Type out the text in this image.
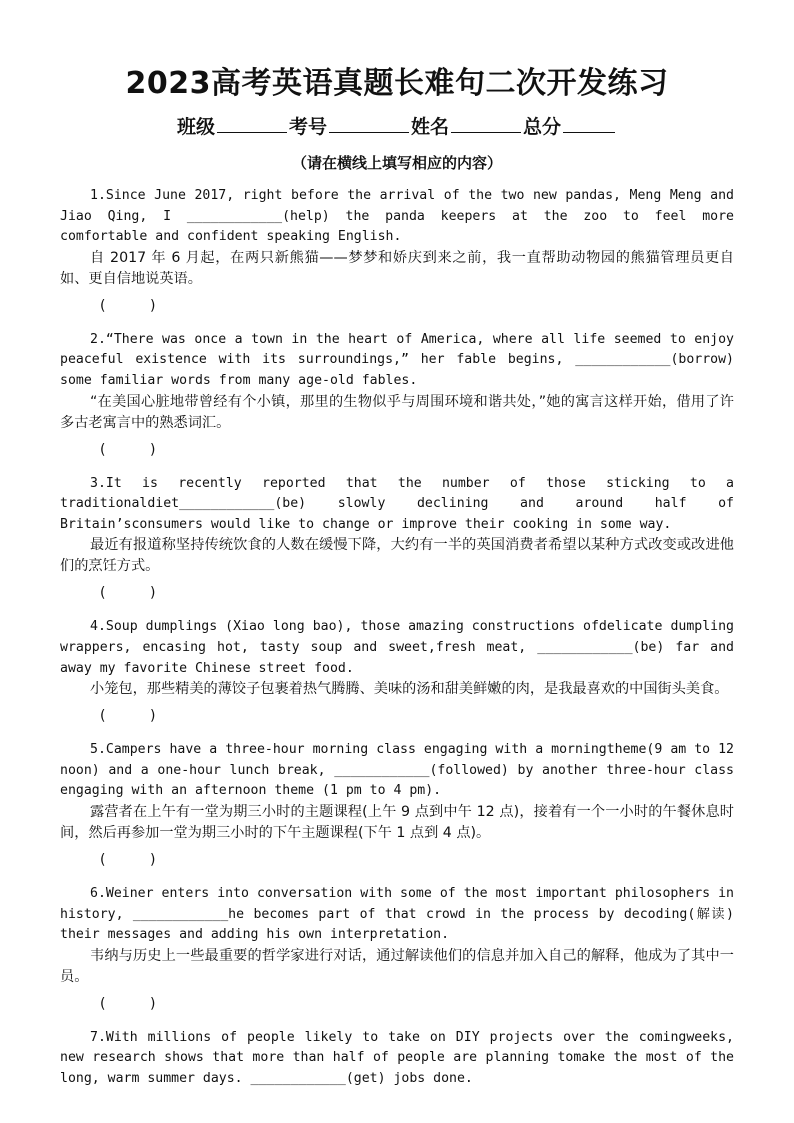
2023高考英语真题长难句二次开发练习
班级	考号	姓名	总分
（请在横线上填写相应的内容）

1.Since June 2017, right before the arrival of the two new pandas, Meng Meng and Jiao Qing, I ____________(help) the panda keepers at the zoo to feel more comfortable and confident speaking English.

自 2017 年 6 月起，在两只新熊猫——梦梦和娇庆到来之前，我一直帮助动物园的熊猫管理员更自如、更自信地说英语。

(          )

2.“There was once a town in the heart of America, where all life seemed to enjoy peaceful existence with its surroundings,” her fable begins, ____________(borrow) some familiar words from many age-old fables.

“在美国心脏地带曾经有个小镇，那里的生物似乎与周围环境和谐共处，”她的寓言这样开始，借用了许多古老寓言中的熟悉词汇。

(          )

3.It is recently reported that the number of those sticking to a traditionaldiet____________(be) slowly declining and around half of Britain’sconsumers would like to change or improve their cooking in some way.

最近有报道称坚持传统饮食的人数在缓慢下降，大约有一半的英国消费者希望以某种方式改变或改进他们的烹饪方式。

(          )

4.Soup dumplings (Xiao long bao), those amazing constructions ofdelicate dumpling wrappers, encasing hot, tasty soup and sweet,fresh meat, ____________(be) far and away my favorite Chinese street food.

小笼包，那些精美的薄饺子包裹着热气腾腾、美味的汤和甜美鲜嫩的肉，是我最喜欢的中国街头美食。

(          )

5.Campers have a three-hour morning class engaging with a morningtheme(9 am to 12 noon) and a one-hour lunch break, ____________(followed) by another three-hour class engaging with an afternoon theme (1 pm to 4 pm).

露营者在上午有一堂为期三小时的主题课程(上午 9 点到中午 12 点)，接着有一个一小时的午餐休息时间，然后再参加一堂为期三小时的下午主题课程(下午 1 点到 4 点)。

(          )

6.Weiner enters into conversation with some of the most important philosophers in history, ____________he becomes part of that crowd in the process by decoding(解读) their messages and adding his own interpretation.

韦纳与历史上一些最重要的哲学家进行对话，通过解读他们的信息并加入自己的解释，他成为了其中一员。

(          )

7.With millions of people likely to take on DIY projects over the comingweeks, new research shows that more than half of people are planning tomake the most of the long, warm summer days. ____________(get) jobs done.
